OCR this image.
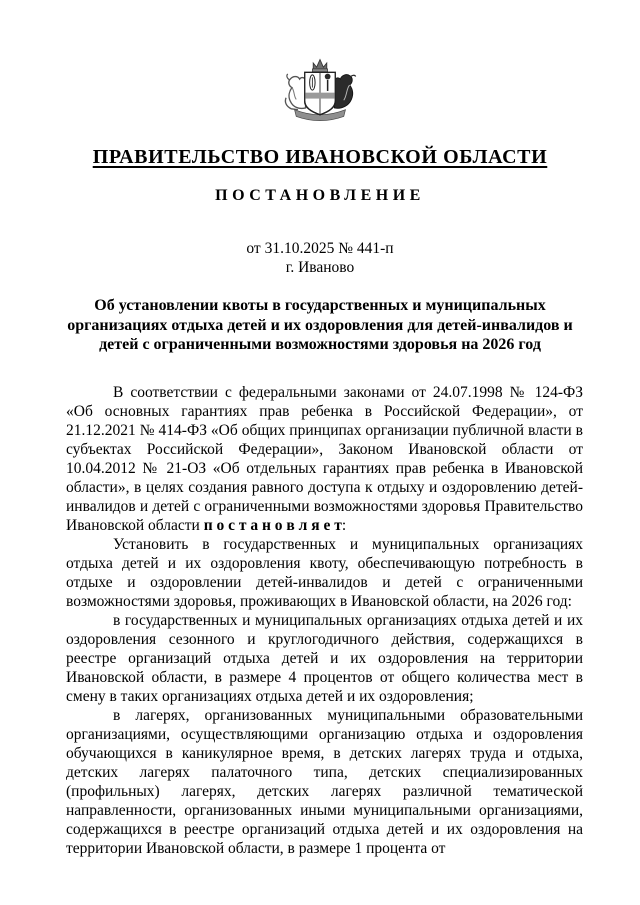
ПРАВИТЕЛЬСТВО ИВАНОВСКОЙ ОБЛАСТИ
ПОСТАНОВЛЕНИЕ
от 31.10.2025 № 441-п
г. Иваново
Об установлении квоты в государственных и муниципальных организациях отдыха детей и их оздоровления для детей-инвалидов и детей с ограниченными возможностями здоровья на 2026 год

В соответствии с федеральными законами от 24.07.1998 № 124-ФЗ «Об основных гарантиях прав ребенка в Российской Федерации», от 21.12.2021 № 414-ФЗ «Об общих принципах организации публичной власти в субъектах Российской Федерации», Законом Ивановской области от 10.04.2012 № 21-ОЗ «Об отдельных гарантиях прав ребенка в Ивановской области», в целях создания равного доступа к отдыху и оздоровлению детей-инвалидов и детей с ограниченными возможностями здоровья Правительство Ивановской области п о с т а н о в л я е т:

Установить в государственных и муниципальных организациях отдыха детей и их оздоровления квоту, обеспечивающую потребность в отдыхе и оздоровлении детей-инвалидов и детей с ограниченными возможностями здоровья, проживающих в Ивановской области, на 2026 год:

в государственных и муниципальных организациях отдыха детей и их оздоровления сезонного и круглогодичного действия, содержащихся в реестре организаций отдыха детей и их оздоровления на территории Ивановской области, в размере 4 процентов от общего количества мест в смену в таких организациях отдыха детей и их оздоровления;

в лагерях, организованных муниципальными образовательными организациями, осуществляющими организацию отдыха и оздоровления обучающихся в каникулярное время, в детских лагерях труда и отдыха, детских лагерях палаточного типа, детских специализированных (профильных) лагерях, детских лагерях различной тематической направленности, организованных иными муниципальными организациями, содержащихся в реестре организаций отдыха детей и их оздоровления на территории Ивановской области, в размере 1 процента от
